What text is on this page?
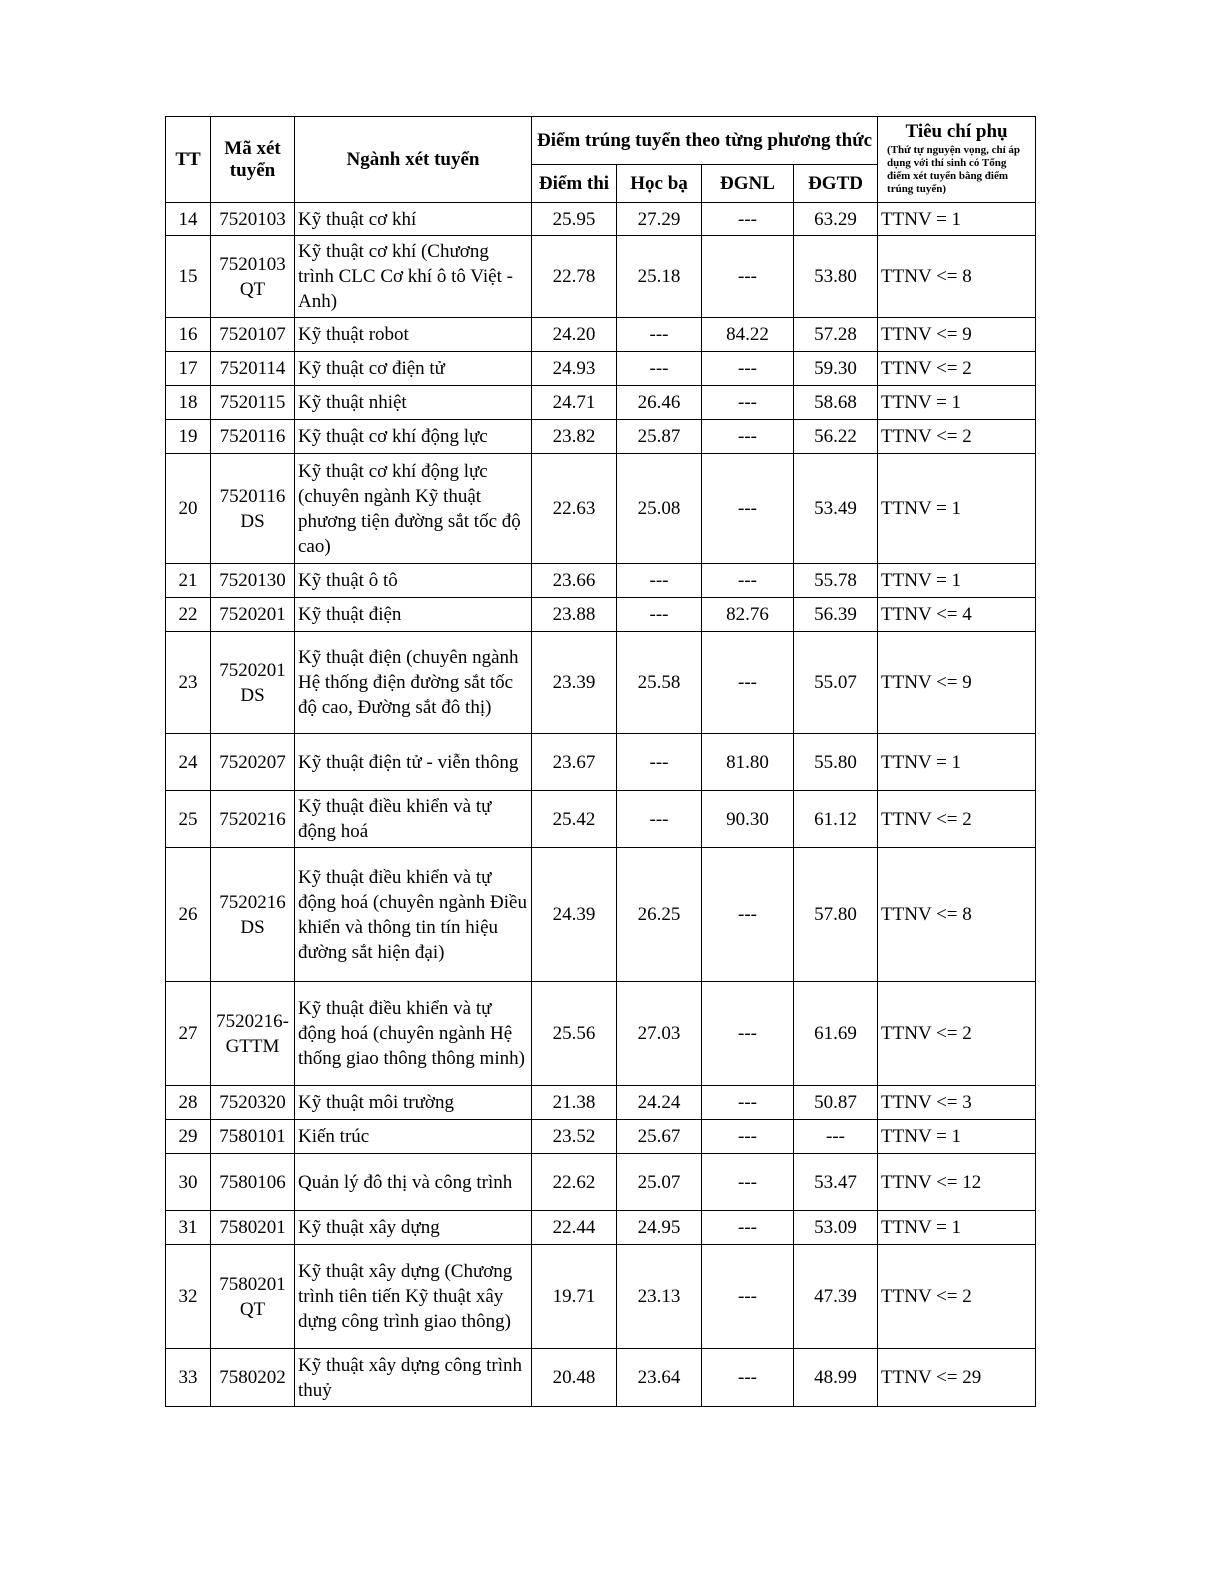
TT	Mã xét tuyển	Ngành xét tuyển	Điểm trúng tuyển theo từng phương thức				Tiêu chí phụ
(Thứ tự nguyện vọng, chỉ áp dụng với thí sinh có Tổng điểm xét tuyển bằng điểm trúng tuyển)

			Điểm thi	Học bạ	ĐGNL	ĐGTD	
14	7520103	Kỹ thuật cơ khí	25.95	27.29	---	63.29	TTNV = 1
15	7520103 QT	Kỹ thuật cơ khí (Chương trình CLC Cơ khí ô tô Việt - Anh)	22.78	25.18	---	53.80	TTNV <= 8
16	7520107	Kỹ thuật robot	24.20	---	84.22	57.28	TTNV <= 9
17	7520114	Kỹ thuật cơ điện tử	24.93	---	---	59.30	TTNV <= 2
18	7520115	Kỹ thuật nhiệt	24.71	26.46	---	58.68	TTNV = 1
19	7520116	Kỹ thuật cơ khí động lực	23.82	25.87	---	56.22	TTNV <= 2
20	7520116 DS	Kỹ thuật cơ khí động lực (chuyên ngành Kỹ thuật phương tiện đường sắt tốc độ cao)	22.63	25.08	---	53.49	TTNV = 1
21	7520130	Kỹ thuật ô tô	23.66	---	---	55.78	TTNV = 1
22	7520201	Kỹ thuật điện	23.88	---	82.76	56.39	TTNV <= 4
23	7520201 DS	Kỹ thuật điện (chuyên ngành Hệ thống điện đường sắt tốc độ cao, Đường sắt đô thị)	23.39	25.58	---	55.07	TTNV <= 9
24	7520207	Kỹ thuật điện tử - viễn thông	23.67	---	81.80	55.80	TTNV = 1
25	7520216	Kỹ thuật điều khiển và tự động hoá	25.42	---	90.30	61.12	TTNV <= 2
26	7520216 DS	Kỹ thuật điều khiển và tự động hoá (chuyên ngành Điều khiển và thông tin tín hiệu đường sắt hiện đại)	24.39	26.25	---	57.80	TTNV <= 8
27	7520216- GTTM	Kỹ thuật điều khiển và tự động hoá (chuyên ngành Hệ thống giao thông thông minh)	25.56	27.03	---	61.69	TTNV <= 2
28	7520320	Kỹ thuật môi trường	21.38	24.24	---	50.87	TTNV <= 3
29	7580101	Kiến trúc	23.52	25.67	---	---	TTNV = 1
30	7580106	Quản lý đô thị và công trình	22.62	25.07	---	53.47	TTNV <= 12
31	7580201	Kỹ thuật xây dựng	22.44	24.95	---	53.09	TTNV = 1
32	7580201 QT	Kỹ thuật xây dựng (Chương trình tiên tiến Kỹ thuật xây dựng công trình giao thông)	19.71	23.13	---	47.39	TTNV <= 2
33	7580202	Kỹ thuật xây dựng công trình thuỷ	20.48	23.64	---	48.99	TTNV <= 29
